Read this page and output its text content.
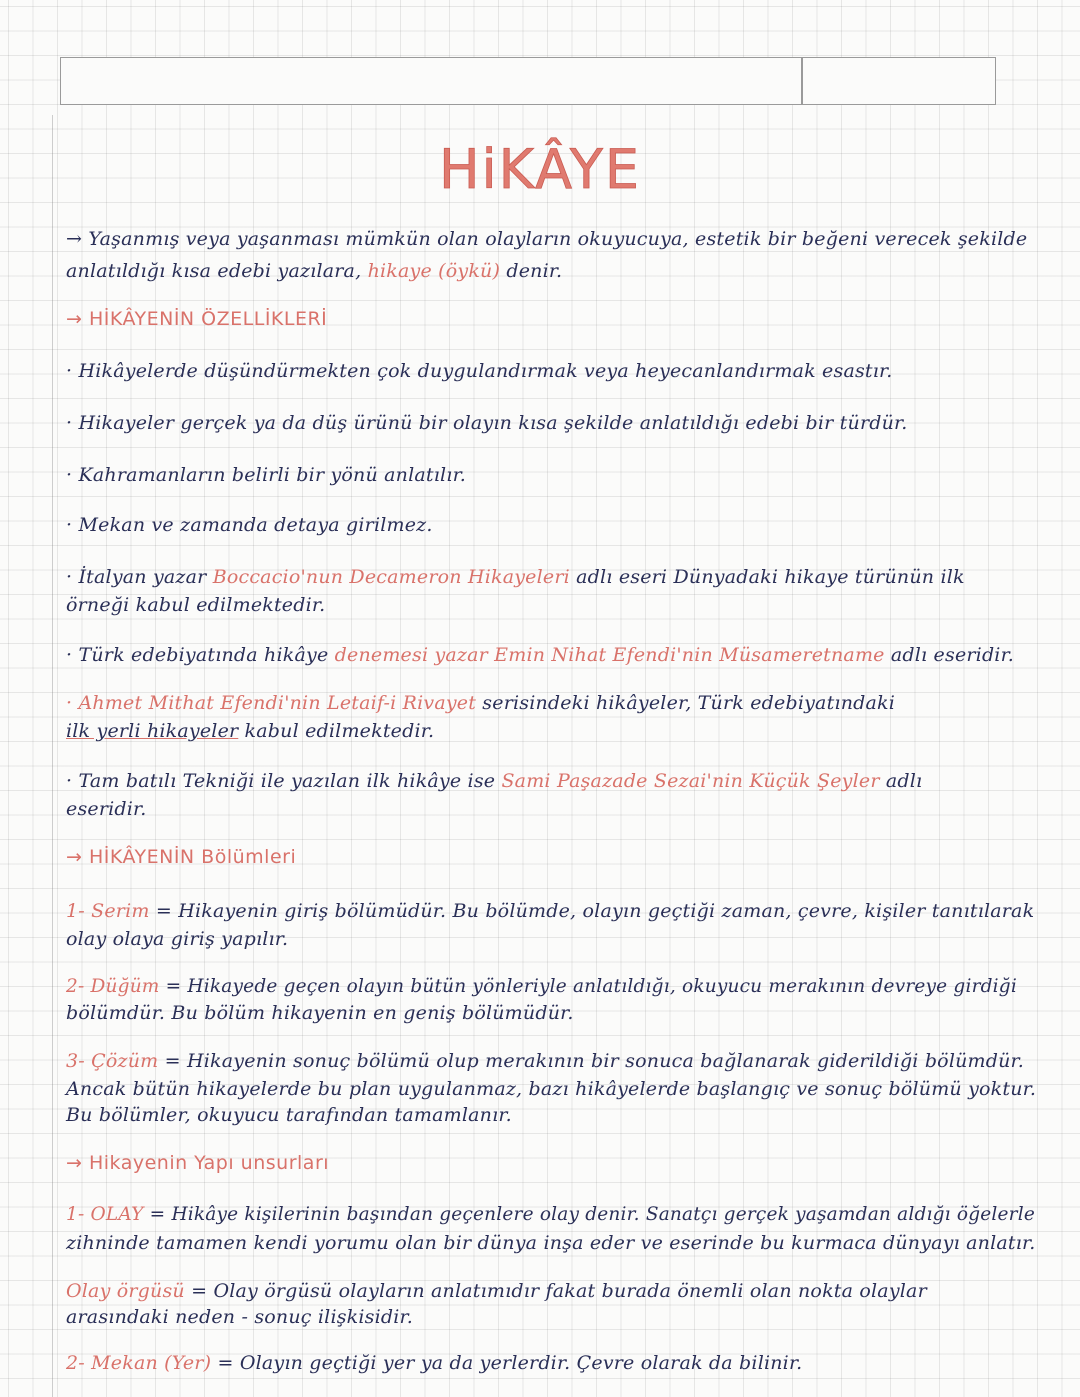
HiKÂYE
→ Yaşanmış veya yaşanması mümkün olan olayların okuyucuya, estetik bir beğeni verecek şekilde
anlatıldığı kısa edebi yazılara, hikaye (öykü) denir.
→ HİKÂYENİN ÖZELLİKLERİ
· Hikâyelerde düşündürmekten çok duygulandırmak veya heyecanlandırmak esastır.
· Hikayeler gerçek ya da düş ürünü bir olayın kısa şekilde anlatıldığı edebi bir türdür.
· Kahramanların belirli bir yönü anlatılır.
· Mekan ve zamanda detaya girilmez.
· İtalyan yazar Boccacio'nun Decameron Hikayeleri adlı eseri Dünyadaki hikaye türünün ilk
örneği kabul edilmektedir.
· Türk edebiyatında hikâye denemesi yazar Emin Nihat Efendi'nin Müsameretname adlı eseridir.
· Ahmet Mithat Efendi'nin Letaif-i Rivayet serisindeki hikâyeler, Türk edebiyatındaki
ilk yerli hikayeler kabul edilmektedir.
· Tam batılı Tekniği ile yazılan ilk hikâye ise Sami Paşazade Sezai'nin Küçük Şeyler adlı
eseridir.
→ HİKÂYENİN Bölümleri
1- Serim = Hikayenin giriş bölümüdür. Bu bölümde, olayın geçtiği zaman, çevre, kişiler tanıtılarak
olay olaya giriş yapılır.
2- Düğüm = Hikayede geçen olayın bütün yönleriyle anlatıldığı, okuyucu merakının devreye girdiği
bölümdür. Bu bölüm hikayenin en geniş bölümüdür.
3- Çözüm = Hikayenin sonuç bölümü olup merakının bir sonuca bağlanarak giderildiği bölümdür.
Ancak bütün hikayelerde bu plan uygulanmaz, bazı hikâyelerde başlangıç ve sonuç bölümü yoktur.
Bu bölümler, okuyucu tarafından tamamlanır.
→ Hikayenin Yapı unsurları
1- OLAY = Hikâye kişilerinin başından geçenlere olay denir. Sanatçı gerçek yaşamdan aldığı öğelerle
zihninde tamamen kendi yorumu olan bir dünya inşa eder ve eserinde bu kurmaca dünyayı anlatır.
Olay örgüsü = Olay örgüsü olayların anlatımıdır fakat burada önemli olan nokta olaylar
arasındaki neden - sonuç ilişkisidir.
2- Mekan (Yer) = Olayın geçtiği yer ya da yerlerdir. Çevre olarak da bilinir.
